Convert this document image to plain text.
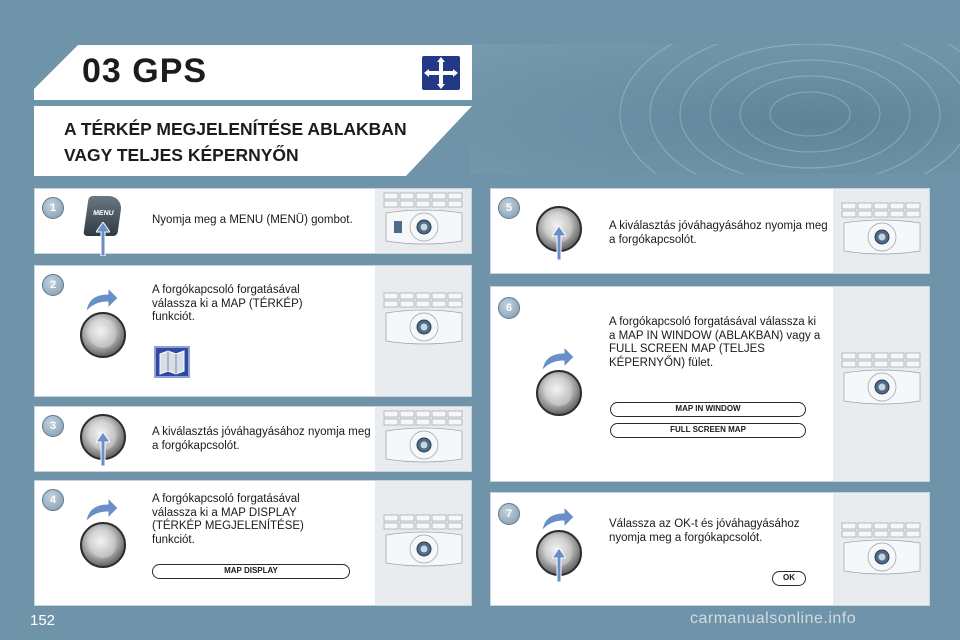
03 GPS
A TÉRKÉP MEGJELENÍTÉSE ABLAKBAN
VAGY TELJES KÉPERNYŐN
1	MENU
Nyomja meg a MENU (MENÜ) gombot.
2	A forgókapcsoló forgatásával válassza ki a MAP (TÉRKÉP) funkciót.
3	A kiválasztás jóváhagyásához nyomja meg a forgókapcsolót.
4	A forgókapcsoló forgatásával válassza ki a MAP DISPLAY (TÉRKÉP MEGJELENÍTÉSE) funkciót.
MAP DISPLAY
5
A kiválasztás jóváhagyásához nyomja meg a forgókapcsolót.
6
A forgókapcsoló forgatásával válassza ki a MAP IN WINDOW (ABLAKBAN) vagy a FULL SCREEN MAP (TELJES KÉPERNYŐN) fület.
MAP IN WINDOW
FULL SCREEN MAP
7
Válassza az OK-t és jóváhagyásához nyomja meg a forgókapcsolót.
OK
152	carmanualsonline.info
